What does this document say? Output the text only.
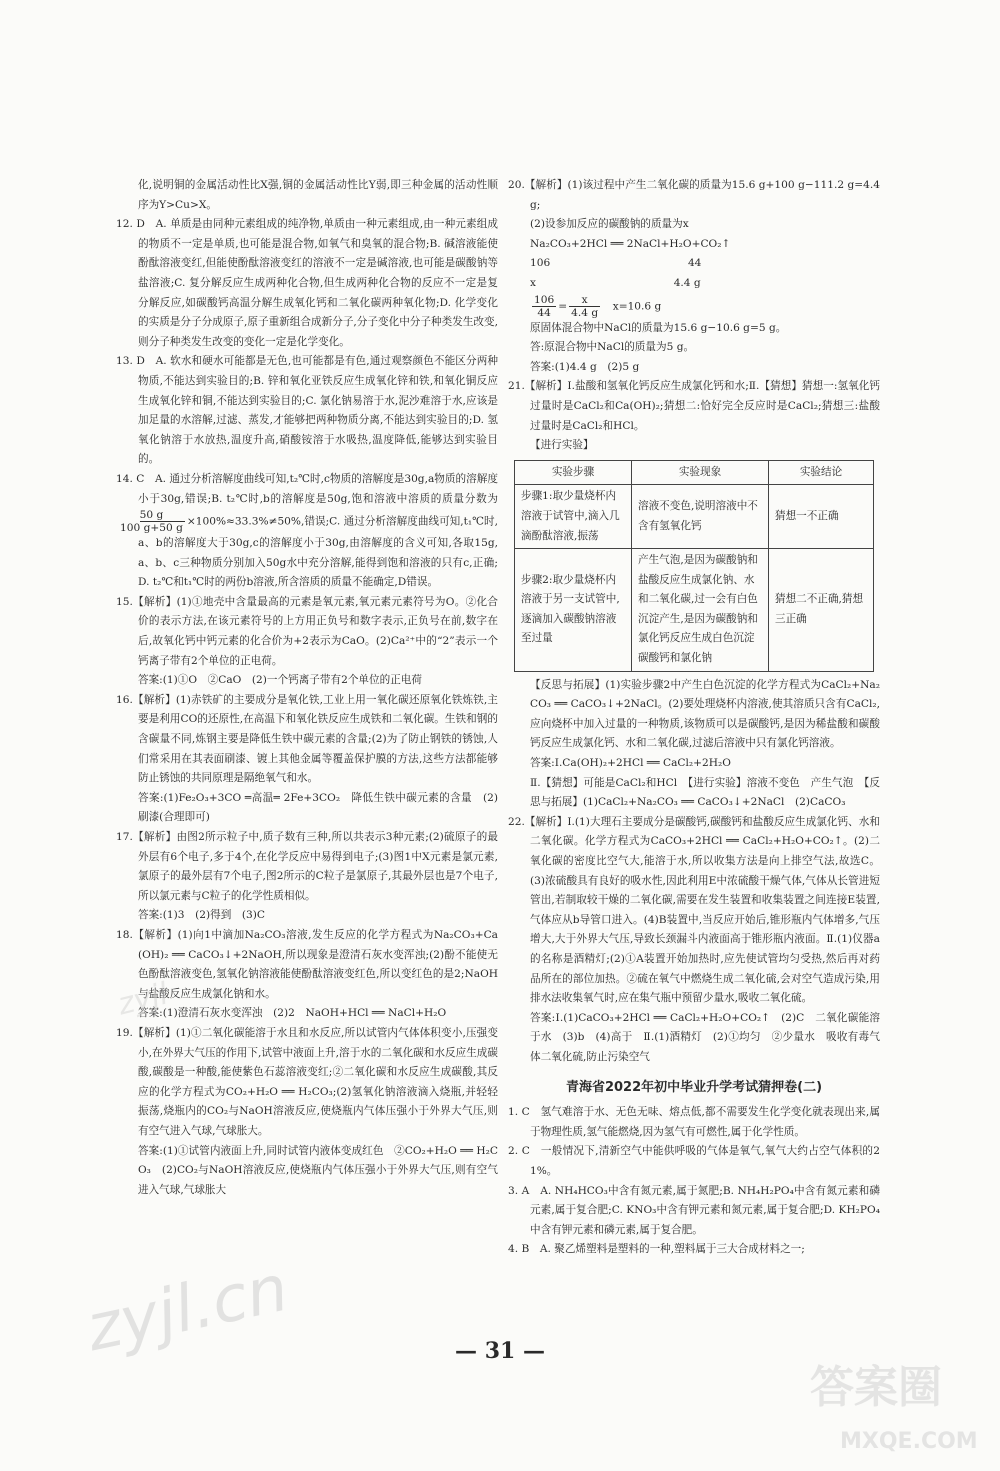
化,说明铜的金属活动性比X强,铜的金属活动性比Y弱,即三种金属的活动性顺序为Y>Cu>X。

12. D　A. 单质是由同种元素组成的纯净物,单质由一种元素组成,由一种元素组成的物质不一定是单质,也可能是混合物,如氧气和臭氧的混合物;B. 碱溶液能使酚酞溶液变红,但能使酚酞溶液变红的溶液不一定是碱溶液,也可能是碳酸钠等盐溶液;C. 复分解反应生成两种化合物,但生成两种化合物的反应不一定是复分解反应,如碳酸钙高温分解生成氧化钙和二氧化碳两种氧化物;D. 化学变化的实质是分子分成原子,原子重新组合成新分子,分子变化中分子种类发生改变,则分子种类发生改变的变化一定是化学变化。

13. D　A. 软水和硬水可能都是无色,也可能都是有色,通过观察颜色不能区分两种物质,不能达到实验目的;B. 锌和氧化亚铁反应生成氧化锌和铁,和氧化铜反应生成氧化锌和铜,不能达到实验目的;C. 氯化钠易溶于水,泥沙难溶于水,应该是加足量的水溶解,过滤、蒸发,才能够把两种物质分离,不能达到实验目的;D. 氢氧化钠溶于水放热,温度升高,硝酸铵溶于水吸热,温度降低,能够达到实验目的。

14. C　A. 通过分析溶解度曲线可知,t₂℃时,c物质的溶解度是30g,a物质的溶解度小于30g,错误;B. t₂℃时,b的溶解度是50g,饱和溶液中溶质的质量分数为
$\frac{50 g}{100 g+50 g} \times 100\%\approx 33.3\%\ne 50\%$,错误;C. 通过分析溶解度曲线可知,t₁℃时,a、b的溶解度大于30g,c的溶解度小于30g,由溶解度的含义可知,各取15g,a、b、c三种物质分别加入50g水中充分溶解,能得到饱和溶液的只有c,正确;D. t₂℃和t₁℃时的两份b溶液,所含溶质的质量不能确定,D错误。

15.【解析】(1)①地壳中含量最高的元素是氧元素,氧元素元素符号为O。②化合价的表示方法,在该元素符号的上方用正负号和数字表示,正负号在前,数字在后,故氧化钙中钙元素的化合价为+2表示为CaO。(2)Ca²⁺中的“2”表示一个钙离子带有2个单位的正电荷。

答案:(1)①O　②CaO　(2)一个钙离子带有2个单位的正电荷

16.【解析】(1)赤铁矿的主要成分是氧化铁,工业上用一氧化碳还原氧化铁炼铁,主要是利用CO的还原性,在高温下和氧化铁反应生成铁和二氧化碳。生铁和钢的含碳量不同,炼钢主要是降低生铁中碳元素的含量;(2)为了防止钢铁的锈蚀,人们常采用在其表面刷漆、镀上其他金属等覆盖保护膜的方法,这些方法都能够防止锈蚀的共同原理是隔绝氧气和水。

答案:(1)Fe₂O₃+3CO ═高温═ 2Fe+3CO₂　降低生铁中碳元素的含量　(2)刷漆(合理即可)

17.【解析】由图2所示粒子中,质子数有三种,所以共表示3种元素;(2)硫原子的最外层有6个电子,多于4个,在化学反应中易得到电子;(3)图1中X元素是氯元素,氯原子的最外层有7个电子,图2所示的C粒子是氯原子,其最外层也是7个电子,所以氯元素与C粒子的化学性质相似。

答案:(1)3　(2)得到　(3)C

18.【解析】(1)向1中滴加Na₂CO₃溶液,发生反应的化学方程式为Na₂CO₃+Ca(OH)₂ ══ CaCO₃↓+2NaOH,所以现象是澄清石灰水变浑浊;(2)酚不能使无色酚酞溶液变色,氢氧化钠溶液能使酚酞溶液变红色,所以变红色的是2;NaOH与盐酸反应生成氯化钠和水。

答案:(1)澄清石灰水变浑浊　(2)2　NaOH+HCl ══ NaCl+H₂O

19.【解析】(1)①二氧化碳能溶于水且和水反应,所以试管内气体体积变小,压强变小,在外界大气压的作用下,试管中液面上升,溶于水的二氧化碳和水反应生成碳酸,碳酸是一种酸,能使紫色石蕊溶液变红;②二氧化碳和水反应生成碳酸,其反应的化学方程式为CO₂+H₂O ══ H₂CO₃;(2)氢氧化钠溶液滴入烧瓶,并轻轻振荡,烧瓶内的CO₂与NaOH溶液反应,使烧瓶内气体压强小于外界大气压,则有空气进入气球,气球胀大。

答案:(1)①试管内液面上升,同时试管内液体变成红色　②CO₂+H₂O ══ H₂CO₃　(2)CO₂与NaOH溶液反应,使烧瓶内气体压强小于外界大气压,则有空气进入气球,气球胀大

20.【解析】(1)该过程中产生二氧化碳的质量为15.6 g+100 g−111.2 g=4.4 g;

(2)设参加反应的碳酸钠的质量为x

Na₂CO₃+2HCl ══ 2NaCl+H₂O+CO₂↑

106　　　　　　　　　　　　　44

x　　　　　　　　　　　　　4.4 g

$\frac{106}{44} = \frac{x}{4.4 g}$ 　x=10.6 g

原固体混合物中NaCl的质量为15.6 g−10.6 g=5 g。

答:原混合物中NaCl的质量为5 g。

答案:(1)4.4 g　(2)5 g

21.【解析】Ⅰ.盐酸和氢氧化钙反应生成氯化钙和水;Ⅱ.【猜想】猜想一:氢氧化钙过量时是CaCl₂和Ca(OH)₂;猜想二:恰好完全反应时是CaCl₂;猜想三:盐酸过量时是CaCl₂和HCl。

【进行实验】

实验步骤	实验现象	实验结论
步骤1:取少量烧杯内溶液于试管中,滴入几滴酚酞溶液,振荡	溶液不变色,说明溶液中不含有氢氧化钙	猜想一不正确
步骤2:取少量烧杯内溶液于另一支试管中,逐滴加入碳酸钠溶液至过量	产生气泡,是因为碳酸钠和盐酸反应生成氯化钠、水和二氧化碳,过一会有白色沉淀产生,是因为碳酸钠和氯化钙反应生成白色沉淀碳酸钙和氯化钠	猜想二不正确,猜想三正确

【反思与拓展】(1)实验步骤2中产生白色沉淀的化学方程式为CaCl₂+Na₂CO₃ ══ CaCO₃↓+2NaCl。(2)要处理烧杯内溶液,使其溶质只含有CaCl₂,应向烧杯中加入过量的一种物质,该物质可以是碳酸钙,是因为稀盐酸和碳酸钙反应生成氯化钙、水和二氧化碳,过滤后溶液中只有氯化钙溶液。

答案:Ⅰ.Ca(OH)₂+2HCl ══ CaCl₂+2H₂O

Ⅱ.【猜想】可能是CaCl₂和HCl　【进行实验】溶液不变色　产生气泡　【反思与拓展】(1)CaCl₂+Na₂CO₃ ══ CaCO₃↓+2NaCl　(2)CaCO₃

22.【解析】Ⅰ.(1)大理石主要成分是碳酸钙,碳酸钙和盐酸反应生成氯化钙、水和二氧化碳。化学方程式为CaCO₃+2HCl ══ CaCl₂+H₂O+CO₂↑。(2)二氧化碳的密度比空气大,能溶于水,所以收集方法是向上排空气法,故选C。(3)浓硫酸具有良好的吸水性,因此利用E中浓硫酸干燥气体,气体从长管进短管出,若制取较干燥的二氧化碳,需要在发生装置和收集装置之间连接E装置,气体应从b导管口进入。(4)B装置中,当反应开始后,锥形瓶内气体增多,气压增大,大于外界大气压,导致长颈漏斗内液面高于锥形瓶内液面。Ⅱ.(1)仪器a的名称是酒精灯;(2)①A装置开始加热时,应先使试管均匀受热,然后再对药品所在的部位加热。②硫在氧气中燃烧生成二氧化硫,会对空气造成污染,用排水法收集氧气时,应在集气瓶中预留少量水,吸收二氧化硫。

答案:Ⅰ.(1)CaCO₃+2HCl ══ CaCl₂+H₂O+CO₂↑　(2)C　二氧化碳能溶于水　(3)b　(4)高于　Ⅱ.(1)酒精灯　(2)①均匀　②少量水　吸收有毒气体二氧化硫,防止污染空气

青海省2022年初中毕业升学考试猜押卷(二)

1. C　氢气难溶于水、无色无味、熔点低,都不需要发生化学变化就表现出来,属于物理性质,氢气能燃烧,因为氢气有可燃性,属于化学性质。

2. C　一般情况下,清新空气中能供呼吸的气体是氧气,氧气大约占空气体积的21%。

3. A　A. NH₄HCO₃中含有氮元素,属于氮肥;B. NH₄H₂PO₄中含有氮元素和磷元素,属于复合肥;C. KNO₃中含有钾元素和氮元素,属于复合肥;D. KH₂PO₄中含有钾元素和磷元素,属于复合肥。

4. B　A. 聚乙烯塑料是塑料的一种,塑料属于三大合成材料之一;

— 31 —
zyjl.cn
zyjl
答案圈
MXQE.COM
